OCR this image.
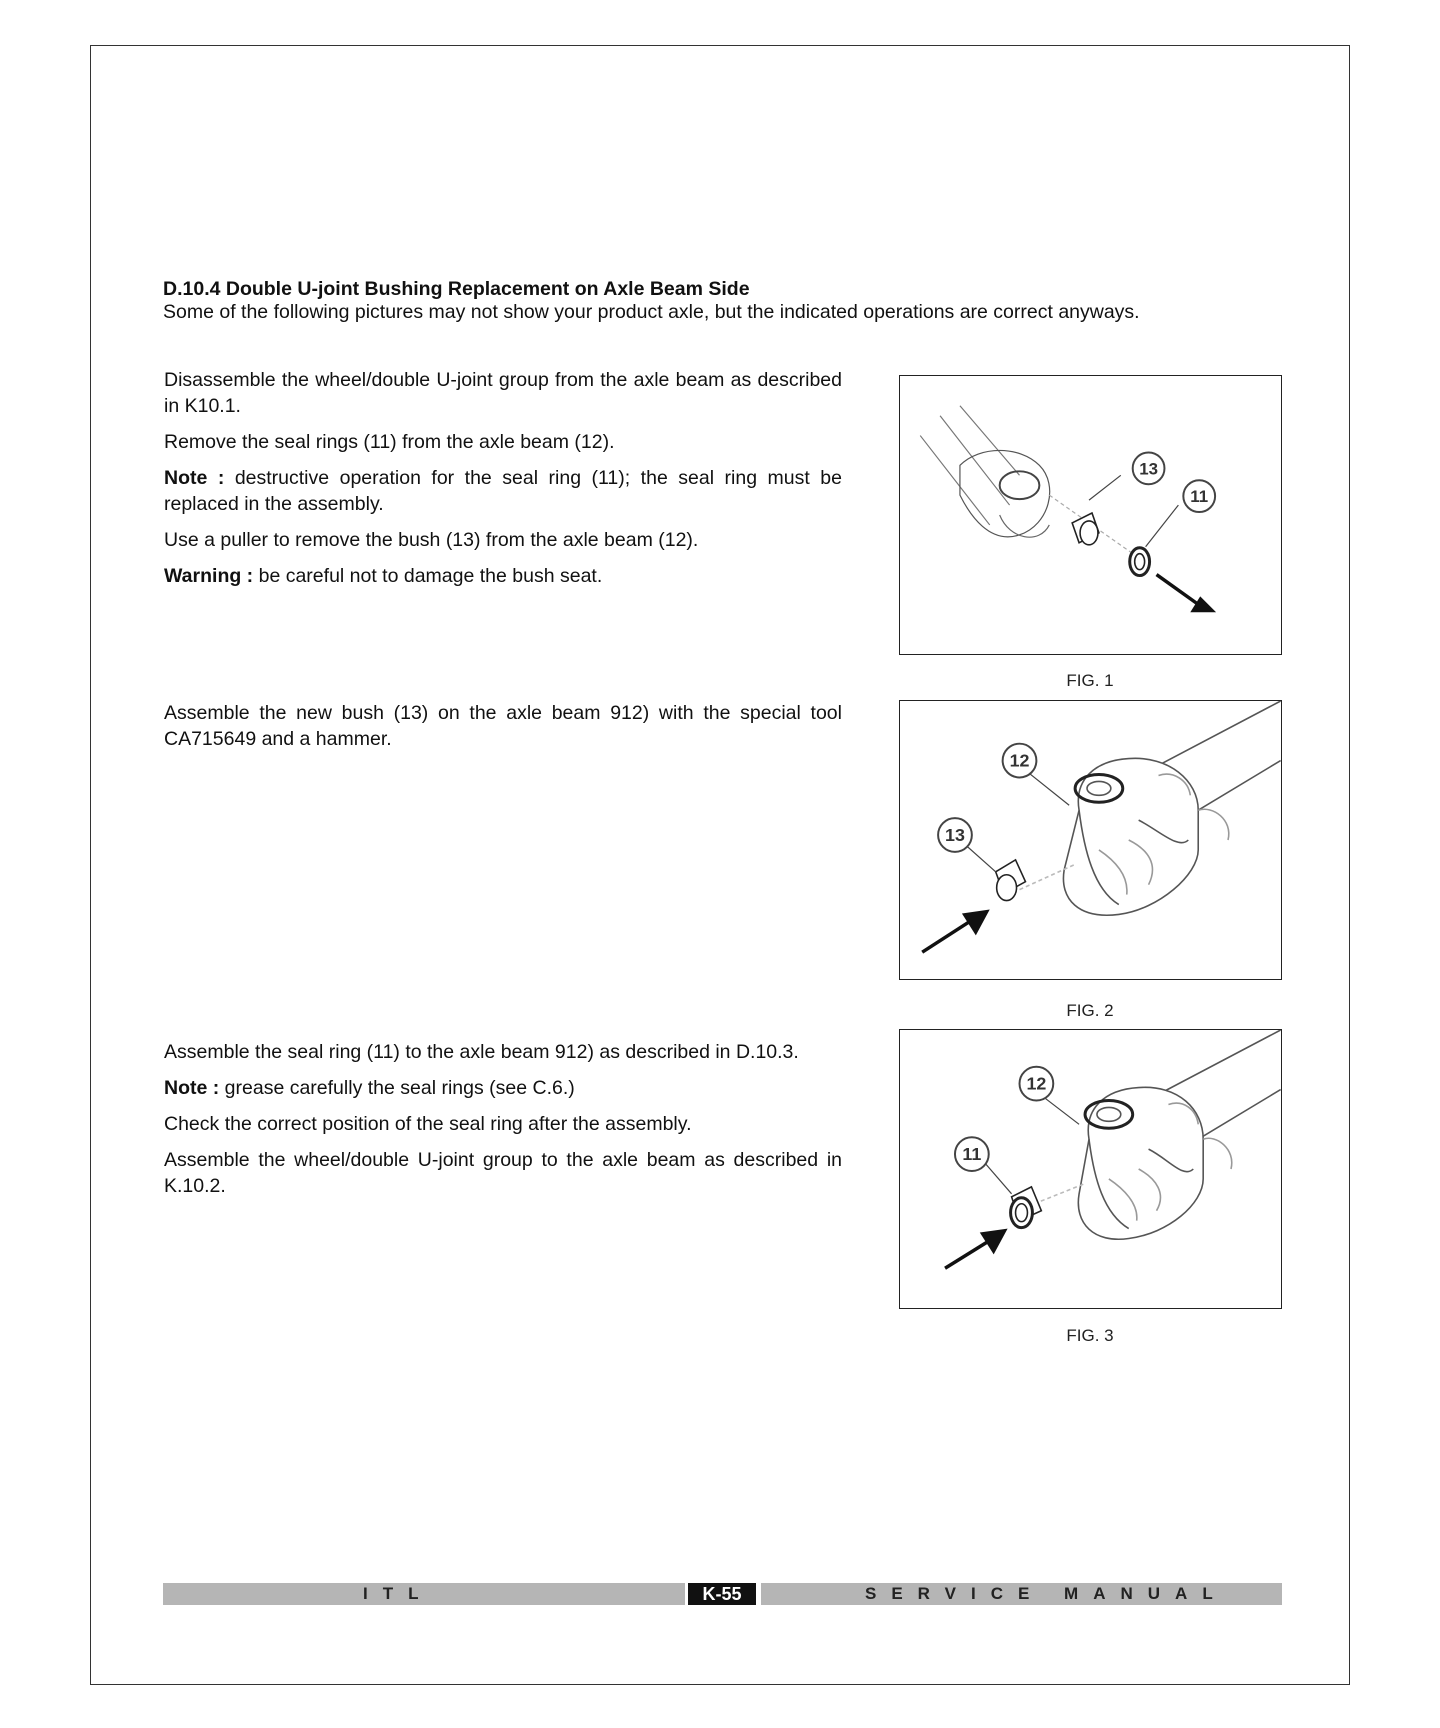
D.10.4 Double U-joint Bushing Replacement on Axle Beam Side

Some of the following pictures may not show your product axle, but the indicated operations are correct anyways.

Disassemble the wheel/double U-joint group from the axle beam as described in K10.1.

Remove the seal rings (11) from the axle beam (12).

Note : destructive operation for the seal ring (11); the seal ring must be replaced in the assembly.

Use a puller to remove the bush (13) from the axle beam (12).

Warning : be careful not to damage the bush seat.

13
11
FIG. 1

Assemble the new bush (13) on the axle beam 912) with the special tool CA715649 and a hammer.

12
13
FIG. 2

Assemble the seal ring (11) to the axle beam 912) as described in D.10.3.

Note : grease carefully the seal rings (see C.6.)

Check the correct position of the seal ring after the assembly.

Assemble the wheel/double U-joint group to the axle beam as described in K.10.2.

12
11
FIG. 3
ITL	K-55	SERVICE MANUAL
